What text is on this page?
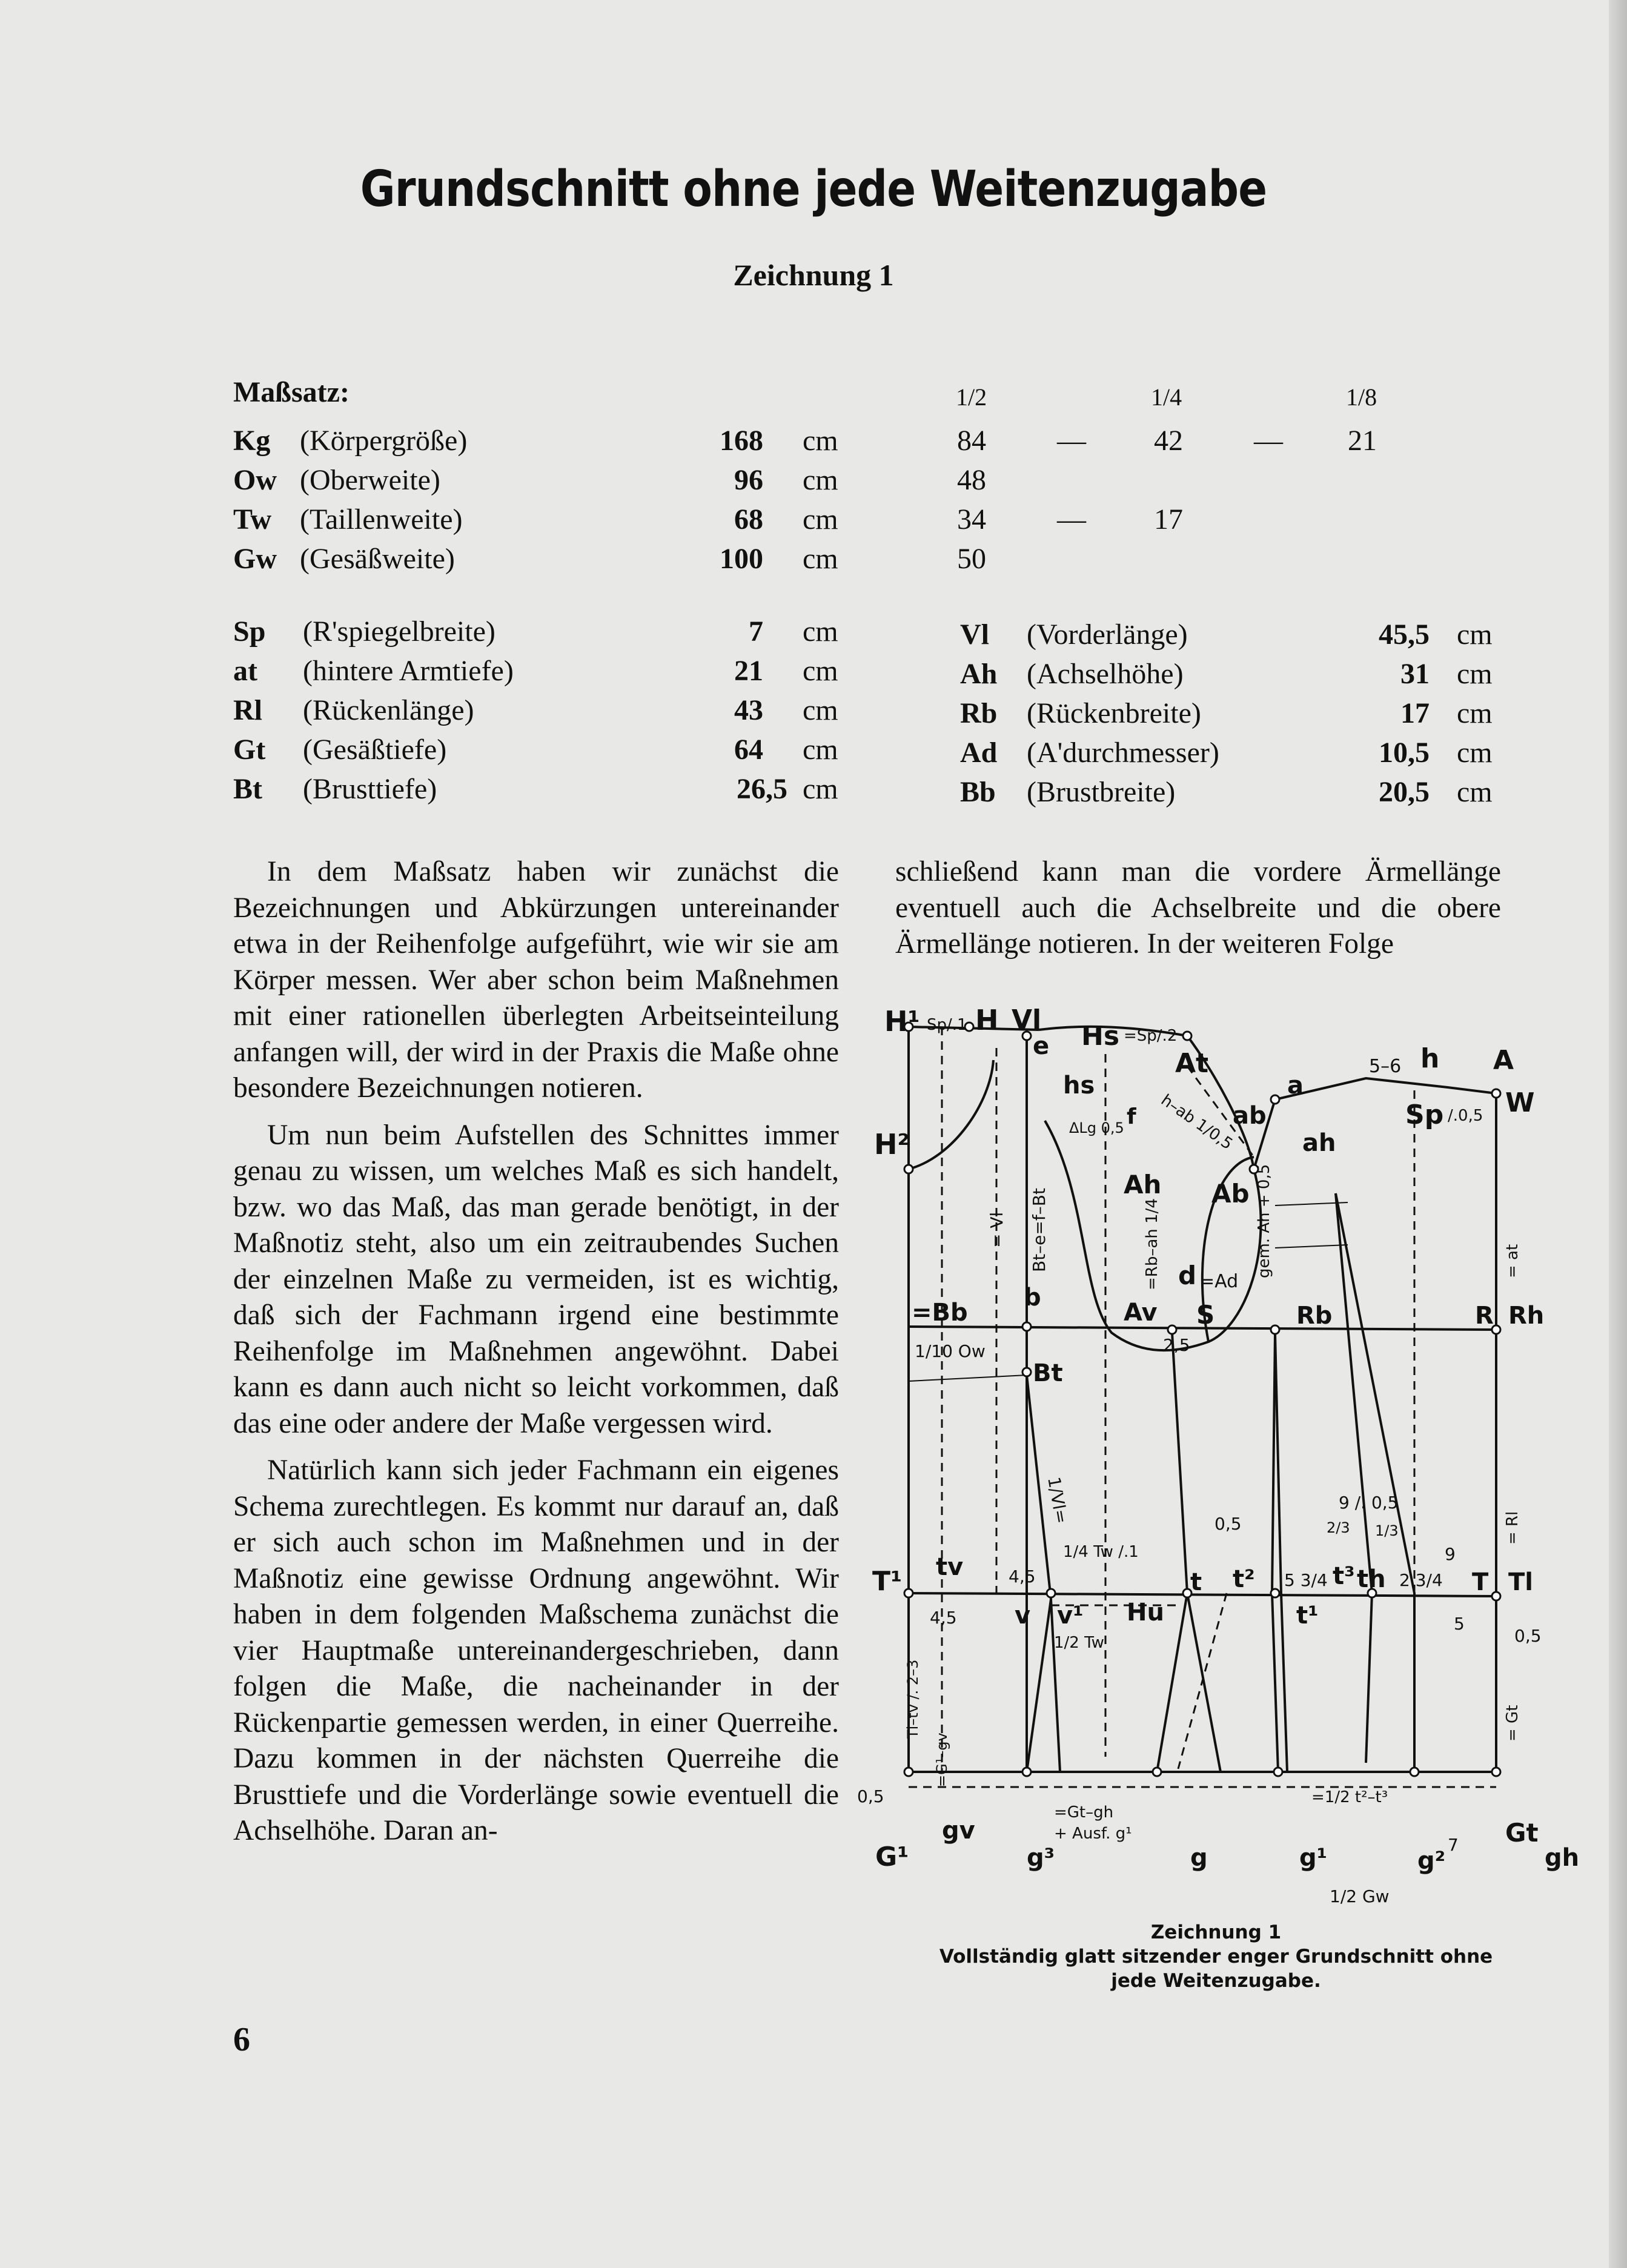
Grundschnitt ohne jede Weitenzugabe
Zeichnung 1
Maßsatz:	1/2	1/4	1/8
Kg (Körpergröße)	168 cm	84 — 42 — 21
Ow (Oberweite)	96 cm	48
Tw (Taillenweite)	68 cm	34 — 17
Gw (Gesäßweite)	100 cm	50
Sp (R'spiegelbreite)	7 cm
at (hintere Armtiefe)	21 cm
Rl (Rückenlänge)	43 cm
Gt (Gesäßtiefe)	64 cm
Bt (Brusttiefe)	26,5 cm
Vl (Vorderlänge)	45,5 cm
Ah (Achselhöhe)	31 cm
Rb (Rückenbreite)	17 cm
Ad (A'durchmesser)	10,5 cm
Bb (Brustbreite)	20,5 cm

In dem Maßsatz haben wir zunächst die Bezeichnungen und Abkürzungen untereinander etwa in der Reihenfolge aufgeführt, wie wir sie am Körper messen. Wer aber schon beim Maßnehmen mit einer rationellen überlegten Arbeitseinteilung anfangen will, der wird in der Praxis die Maße ohne besondere Bezeichnungen notieren.

Um nun beim Aufstellen des Schnittes immer genau zu wissen, um welches Maß es sich handelt, bzw. wo das Maß, das man gerade benötigt, in der Maßnotiz steht, also um ein zeitraubendes Suchen der einzelnen Maße zu vermeiden, ist es wichtig, daß sich der Fachmann irgend eine bestimmte Reihenfolge im Maßnehmen angewöhnt. Dabei kann es dann auch nicht so leicht vorkommen, daß das eine oder andere der Maße vergessen wird.

Natürlich kann sich jeder Fachmann ein eigenes Schema zurechtlegen. Es kommt nur darauf an, daß er sich auch schon im Maßnehmen und in der Maßnotiz eine gewisse Ordnung angewöhnt. Wir haben in dem folgenden Maßschema zunächst die vier Hauptmaße untereinandergeschrieben, dann folgen die Maße, die nacheinander in der Rückenpartie gemessen werden, in einer Querreihe. Dazu kommen in der nächsten Querreihe die Brusttiefe und die Vorderlänge sowie eventuell die Achselhöhe. Daran an-

schließend kann man die vordere Ärmellänge eventuell auch die Achselbreite und die obere Ärmellänge notieren. In der weiteren Folge

H¹ Sp/.1 H Vl
e Hs =Sp/.2
At
a
5–6 h A
W
ab
ah
Sp /.0,5
H²
hs
f
ΔLg 0,5 h–ab 1/0,5
Ah Ab
= Vl Bt–e=f–Bt	=Rb–ah 1/4	gem. Ah + 0,5
d =Ad
b
=Bb	Av S	Rb	R Rh
= at
1/10 Ow
Bt
2,5
1/Vl=
T¹ tv	4,5
4,5
1/4 Tw /.1
0,5
9 /. 0,5
2/3 1/3
9
v v¹
1/2 Tw
Hu
t t² 5 3/4 t³ th 2 3/4 T Tl
= Rl
5
0,5
t¹
Tl–tv /. 2–3
=G¹–gv
0,5
=Gt–gh
+ Ausf. g¹
=1/2 t²–t³
= Gt
gv
G¹	g³	g	g¹	7
g²
Gt
gh
1/2 Gw
Zeichnung 1
Vollständig glatt sitzender enger Grundschnitt ohne
jede Weitenzugabe.
6
